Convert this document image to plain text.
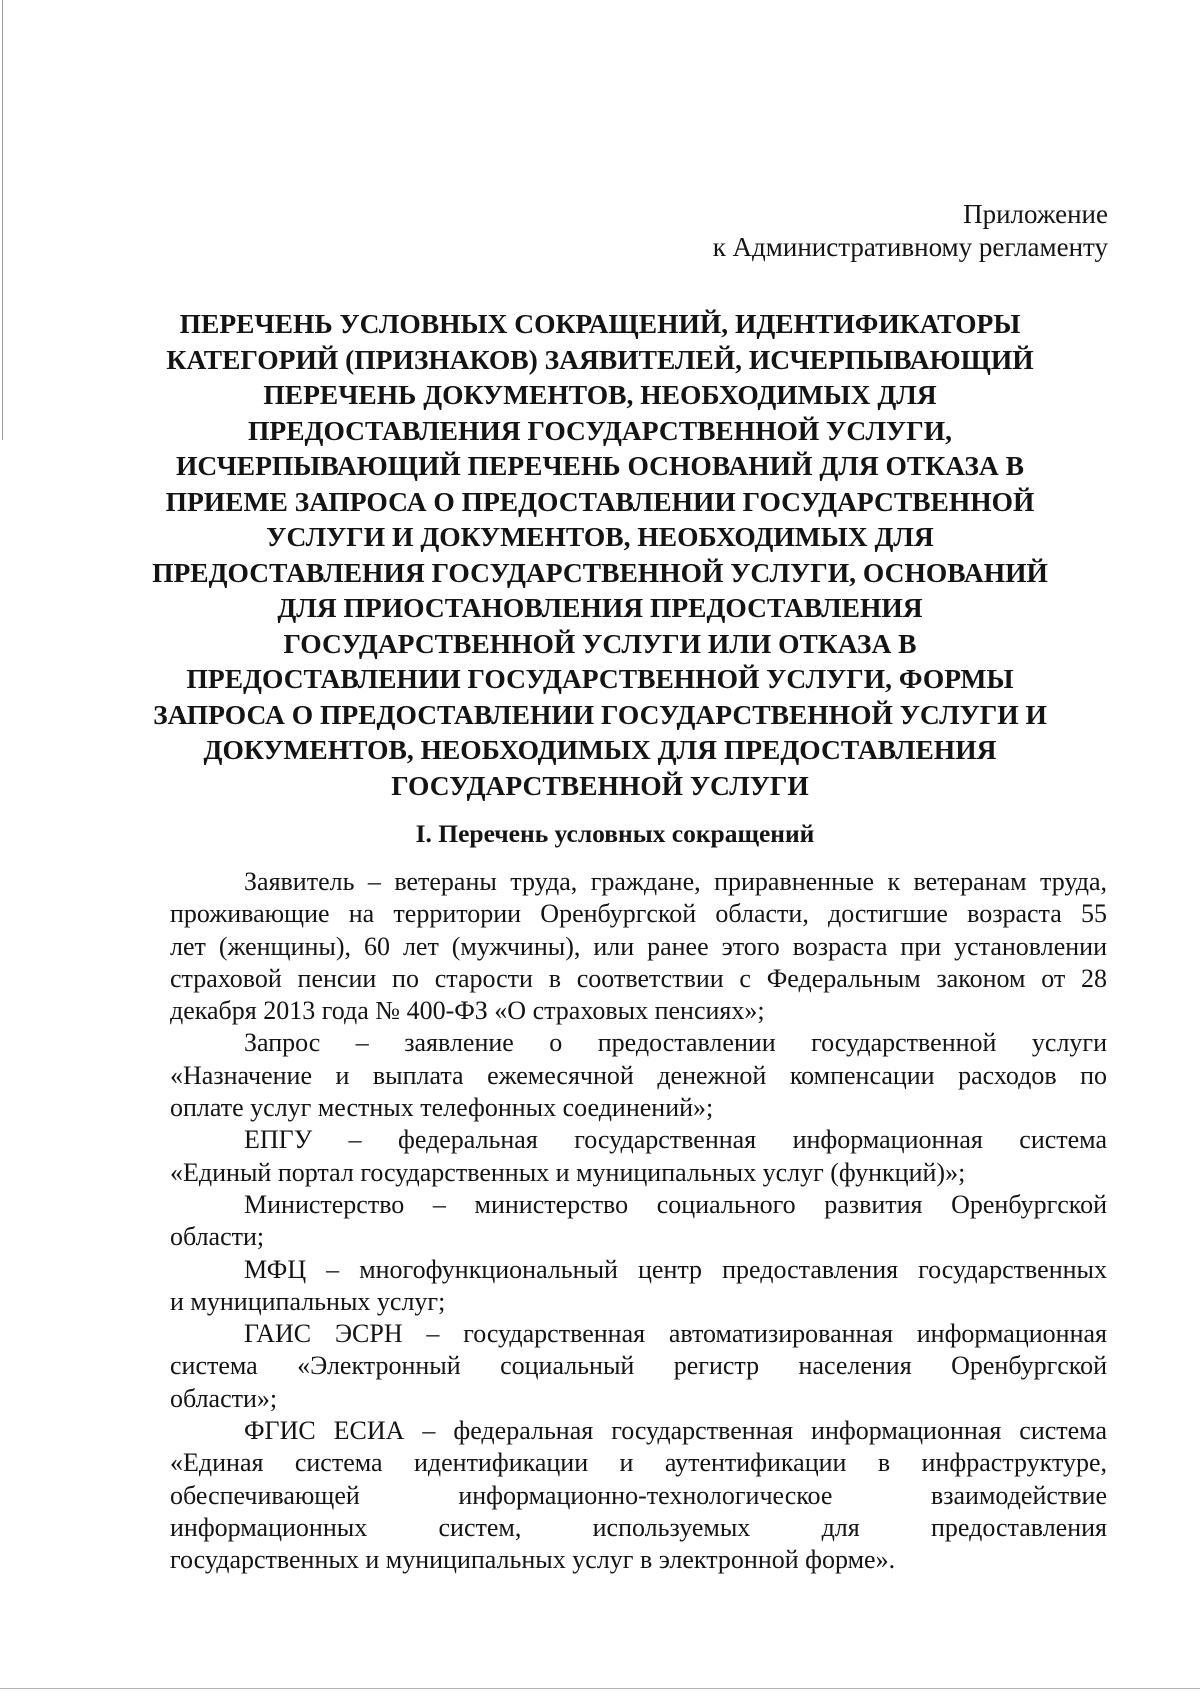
Приложение
к Административному регламенту
ПЕРЕЧЕНЬ УСЛОВНЫХ СОКРАЩЕНИЙ, ИДЕНТИФИКАТОРЫ
КАТЕГОРИЙ (ПРИЗНАКОВ) ЗАЯВИТЕЛЕЙ, ИСЧЕРПЫВАЮЩИЙ
ПЕРЕЧЕНЬ ДОКУМЕНТОВ, НЕОБХОДИМЫХ ДЛЯ
ПРЕДОСТАВЛЕНИЯ ГОСУДАРСТВЕННОЙ УСЛУГИ,
ИСЧЕРПЫВАЮЩИЙ ПЕРЕЧЕНЬ ОСНОВАНИЙ ДЛЯ ОТКАЗА В
ПРИЕМЕ ЗАПРОСА О ПРЕДОСТАВЛЕНИИ ГОСУДАРСТВЕННОЙ
УСЛУГИ И ДОКУМЕНТОВ, НЕОБХОДИМЫХ ДЛЯ
ПРЕДОСТАВЛЕНИЯ ГОСУДАРСТВЕННОЙ УСЛУГИ, ОСНОВАНИЙ
ДЛЯ ПРИОСТАНОВЛЕНИЯ ПРЕДОСТАВЛЕНИЯ
ГОСУДАРСТВЕННОЙ УСЛУГИ ИЛИ ОТКАЗА В
ПРЕДОСТАВЛЕНИИ ГОСУДАРСТВЕННОЙ УСЛУГИ, ФОРМЫ
ЗАПРОСА О ПРЕДОСТАВЛЕНИИ ГОСУДАРСТВЕННОЙ УСЛУГИ И
ДОКУМЕНТОВ, НЕОБХОДИМЫХ ДЛЯ ПРЕДОСТАВЛЕНИЯ
ГОСУДАРСТВЕННОЙ УСЛУГИ
I. Перечень условных сокращений
Заявитель – ветераны труда, граждане, приравненные к ветеранам труда,
проживающие на территории Оренбургской области, достигшие возраста 55
лет (женщины), 60 лет (мужчины), или ранее этого возраста при установлении
страховой пенсии по старости в соответствии с Федеральным законом от 28
декабря 2013 года № 400-ФЗ «О страховых пенсиях»;
Запрос – заявление о предоставлении государственной услуги
«Назначение и выплата ежемесячной денежной компенсации расходов по
оплате услуг местных телефонных соединений»;
ЕПГУ – федеральная государственная информационная система
«Единый портал государственных и муниципальных услуг (функций)»;
Министерство – министерство социального развития Оренбургской
области;
МФЦ – многофункциональный центр предоставления государственных
и муниципальных услуг;
ГАИС ЭСРН – государственная автоматизированная информационная
система «Электронный социальный регистр населения Оренбургской
области»;
ФГИС ЕСИА – федеральная государственная информационная система
«Единая система идентификации и аутентификации в инфраструктуре,
обеспечивающей информационно-технологическое взаимодействие
информационных систем, используемых для предоставления
государственных и муниципальных услуг в электронной форме».
